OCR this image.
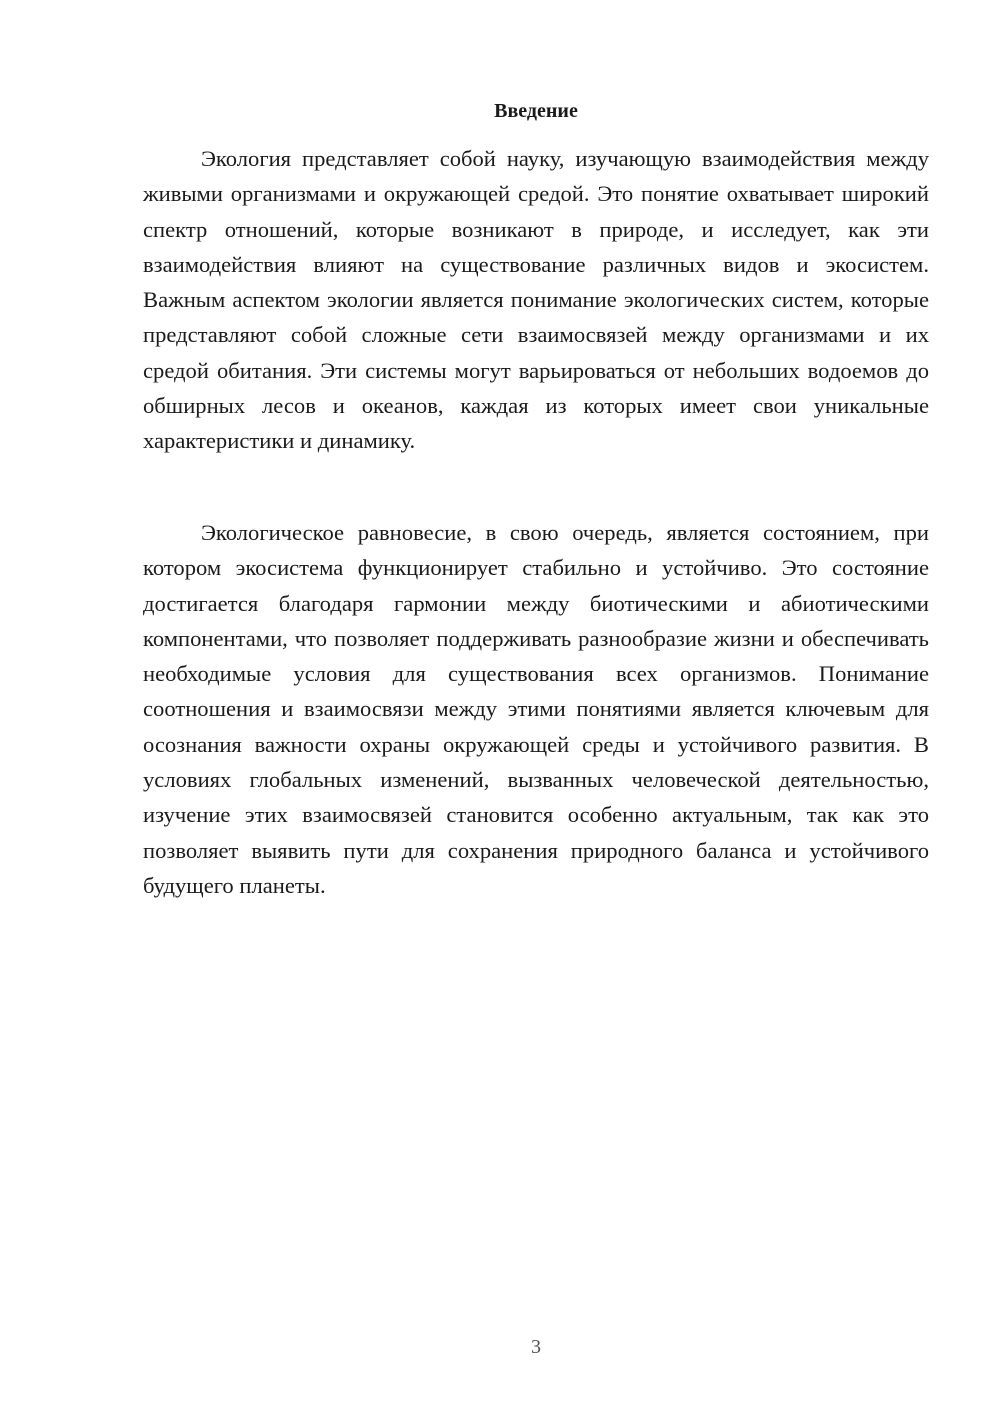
Введение

Экология представляет собой науку, изучающую взаимодействия между живыми организмами и окружающей средой. Это понятие охватывает широкий спектр отношений, которые возникают в природе, и исследует, как эти взаимодействия влияют на существование различных видов и экосистем. Важным аспектом экологии является понимание экологических систем, которые представляют собой сложные сети взаимосвязей между организмами и их средой обитания. Эти системы могут варьироваться от небольших водоемов до обширных лесов и океанов, каждая из которых имеет свои уникальные характеристики и динамику.

Экологическое равновесие, в свою очередь, является состоянием, при котором экосистема функционирует стабильно и устойчиво. Это состояние достигается благодаря гармонии между биотическими и абиотическими компонентами, что позволяет поддерживать разнообразие жизни и обеспечивать необходимые условия для существования всех организмов. Понимание соотношения и взаимосвязи между этими понятиями является ключевым для осознания важности охраны окружающей среды и устойчивого развития. В условиях глобальных изменений, вызванных человеческой деятельностью, изучение этих взаимосвязей становится особенно актуальным, так как это позволяет выявить пути для сохранения природного баланса и устойчивого будущего планеты.

3
